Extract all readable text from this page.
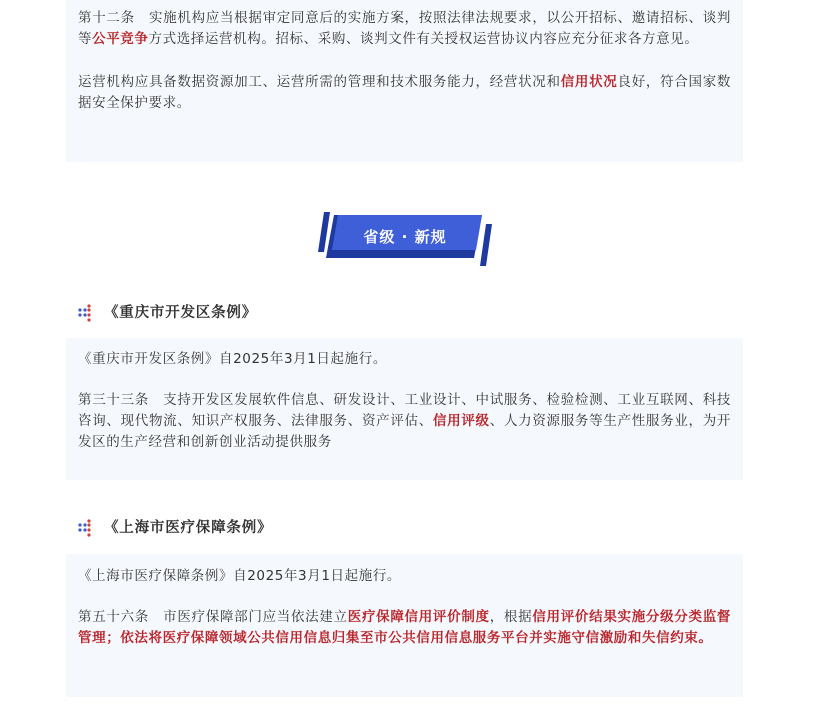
第十二条　实施机构应当根据审定同意后的实施方案，按照法律法规要求，以公开招标、邀请招标、谈判等公平竞争方式选择运营机构。招标、采购、谈判文件有关授权运营协议内容应充分征求各方意见。

运营机构应具备数据资源加工、运营所需的管理和技术服务能力，经营状况和信用状况良好，符合国家数据安全保护要求。

省级 · 新规
《重庆市开发区条例》

《重庆市开发区条例》自2025年3月1日起施行。

第三十三条　支持开发区发展软件信息、研发设计、工业设计、中试服务、检验检测、工业互联网、科技咨询、现代物流、知识产权服务、法律服务、资产评估、信用评级、人力资源服务等生产性服务业，为开发区的生产经营和创新创业活动提供服务

《上海市医疗保障条例》

《上海市医疗保障条例》自2025年3月1日起施行。

第五十六条　市医疗保障部门应当依法建立医疗保障信用评价制度，根据信用评价结果实施分级分类监督管理；依法将医疗保障领域公共信用信息归集至市公共信用信息服务平台并实施守信激励和失信约束。
